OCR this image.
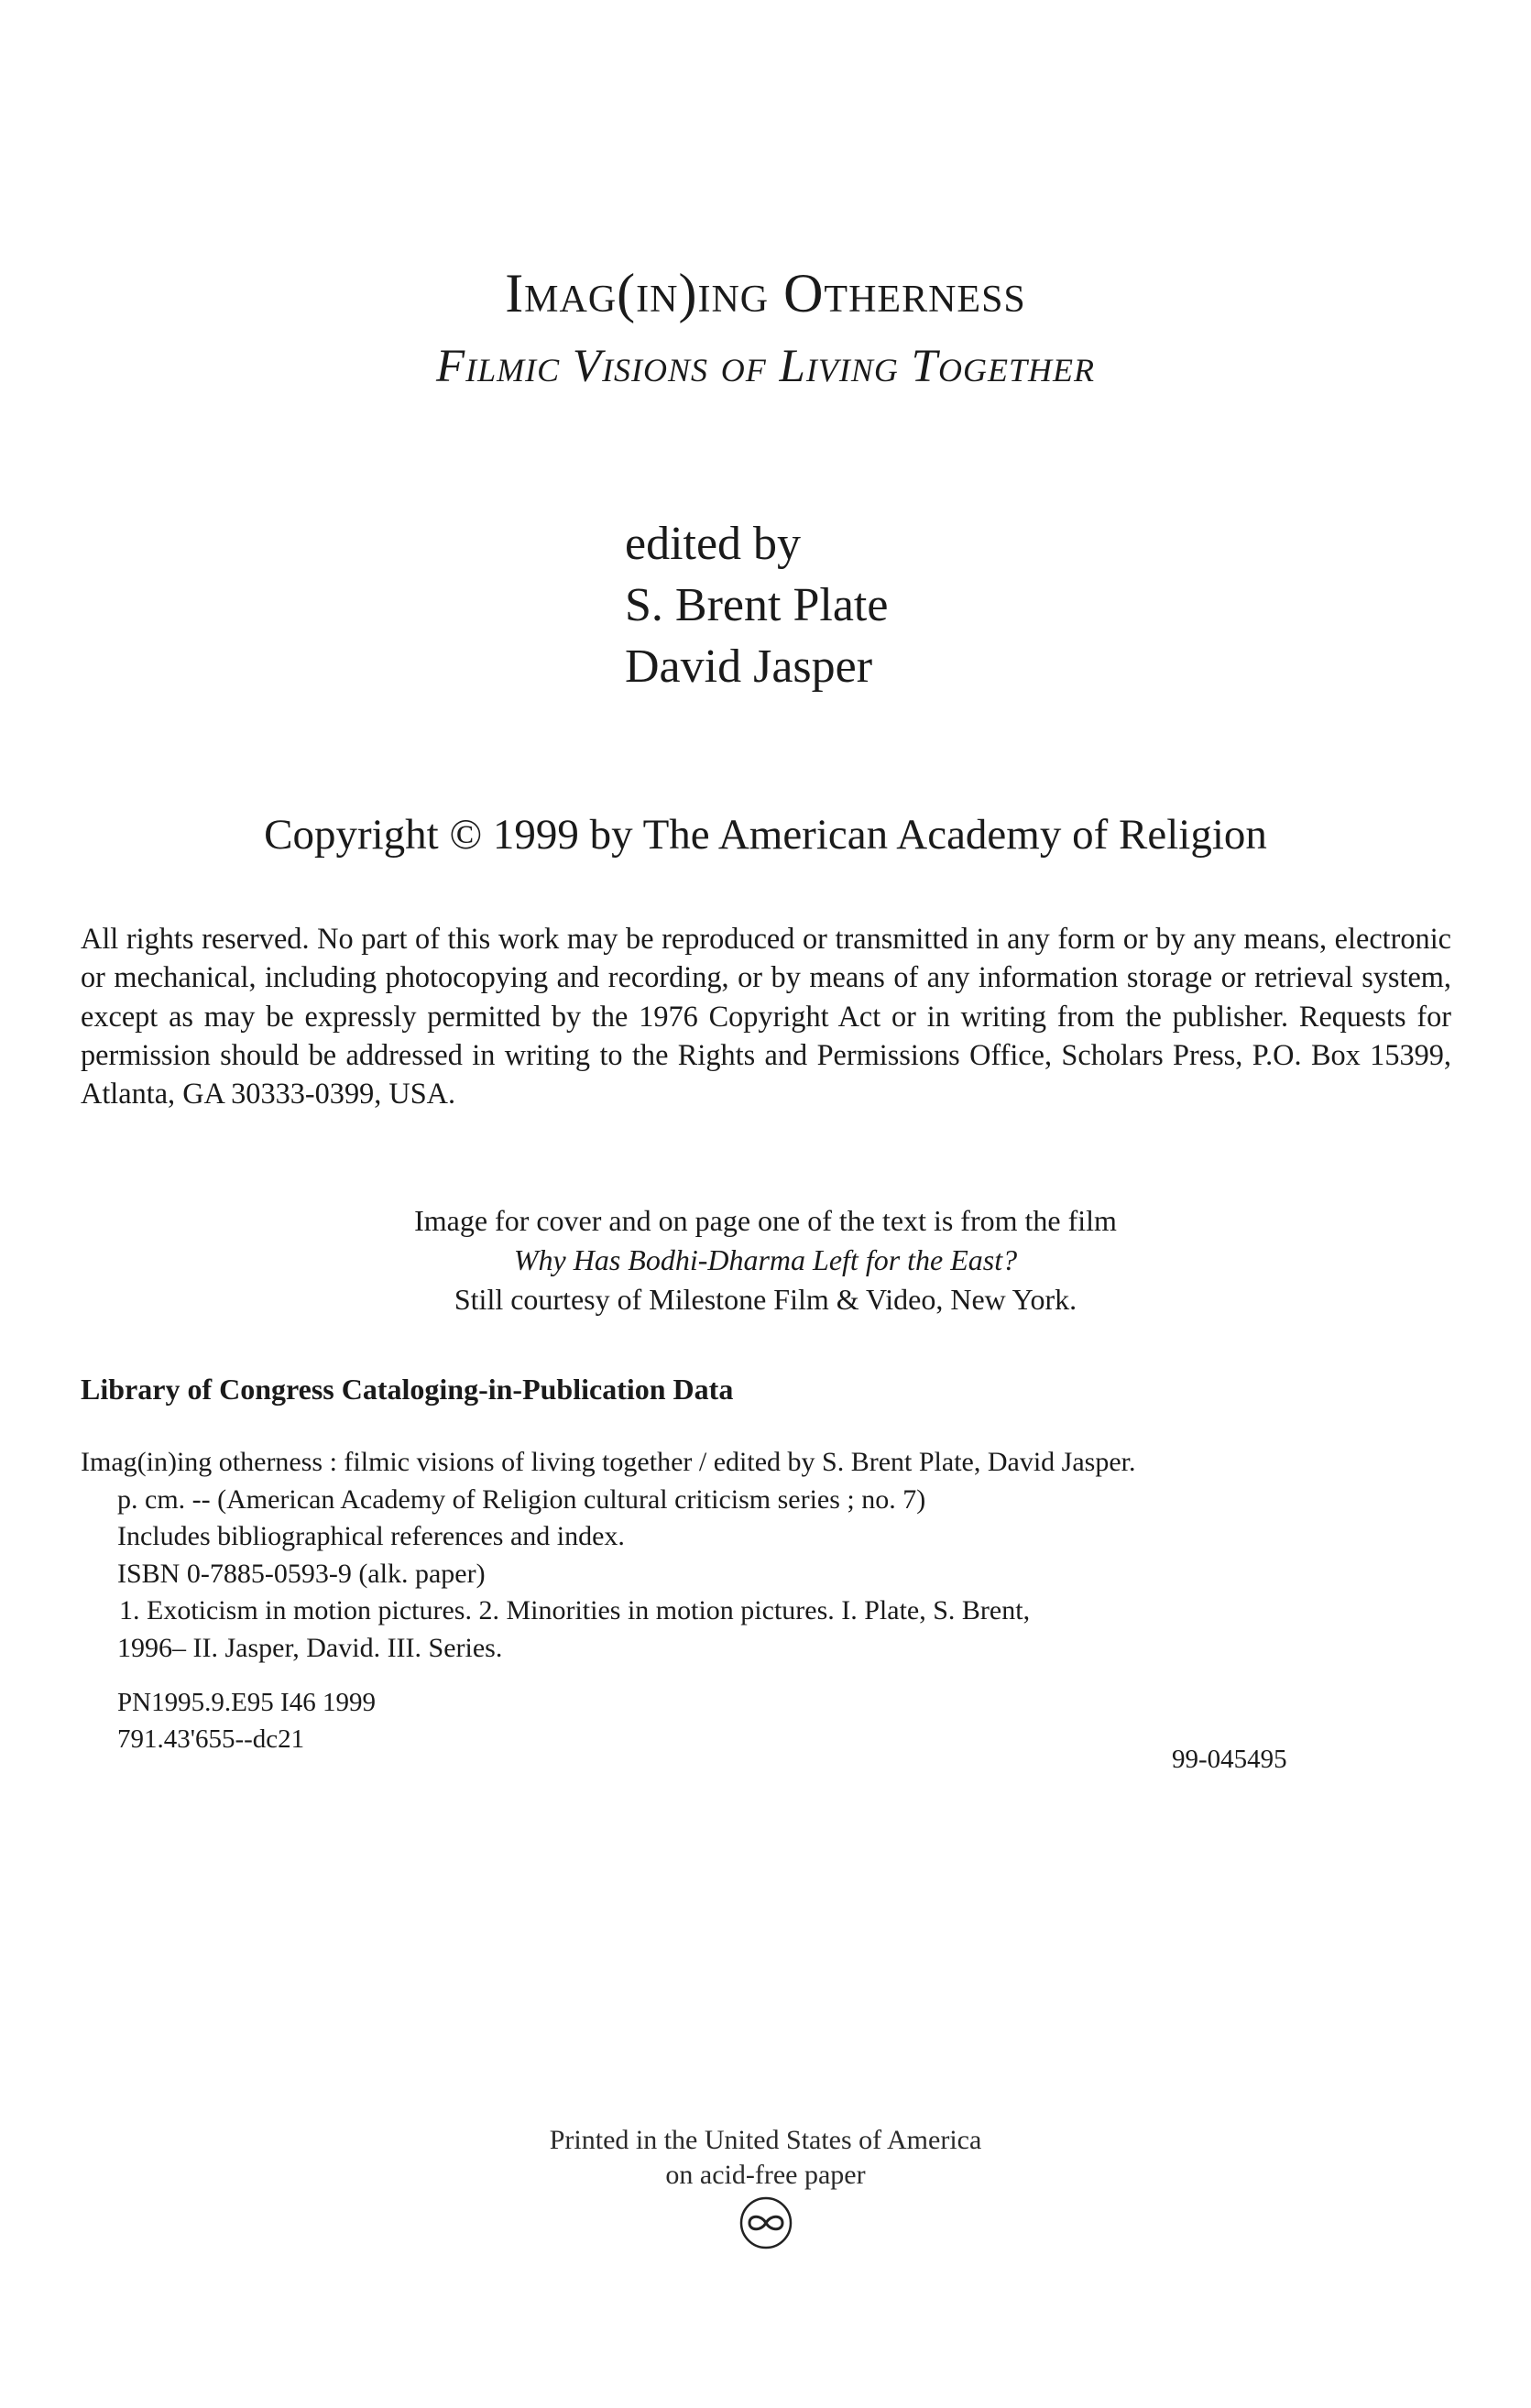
Imag(in)ing Otherness
Filmic Visions of Living Together
edited by
S. Brent Plate
David Jasper
Copyright © 1999 by The American Academy of Religion
All rights reserved. No part of this work may be reproduced or transmitted in any form or by any means, electronic or mechanical, including photocopying and recording, or by means of any information storage or retrieval system, except as may be expressly permitted by the 1976 Copyright Act or in writing from the publisher. Requests for permission should be addressed in writing to the Rights and Permissions Office, Scholars Press, P.O. Box 15399, Atlanta, GA 30333-0399, USA.
Image for cover and on page one of the text is from the film
Why Has Bodhi-Dharma Left for the East?
Still courtesy of Milestone Film & Video, New York.
Library of Congress Cataloging-in-Publication Data
Imag(in)ing otherness : filmic visions of living together / edited by S. Brent Plate, David Jasper.
p. cm. -- (American Academy of Religion cultural criticism series ; no. 7)
Includes bibliographical references and index.
ISBN 0-7885-0593-9 (alk. paper)
1. Exoticism in motion pictures. 2. Minorities in motion pictures. I. Plate, S. Brent,
1996– II. Jasper, David. III. Series.
PN1995.9.E95 I46 1999
791.43'655--dc21
99-045495
Printed in the United States of America
on acid-free paper
